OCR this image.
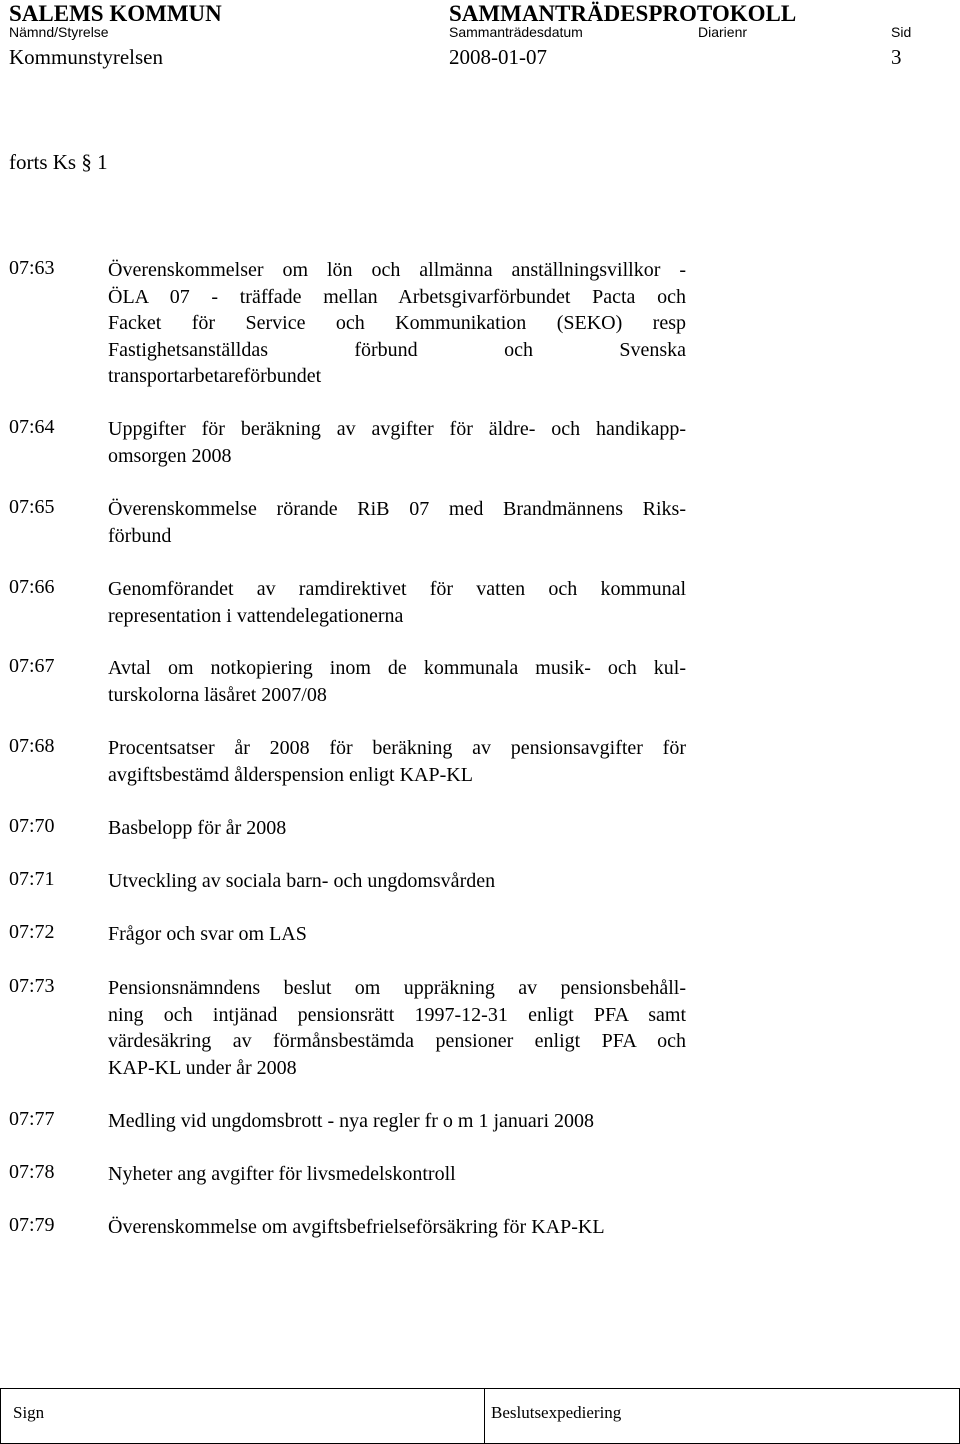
SALEMS KOMMUN	SAMMANTRÄDESPROTOKOLL
Nämnd/Styrelse	Sammanträdesdatum	Diarienr	Sid
Kommunstyrelsen	2008-01-07	3
forts Ks § 1
07:63	Överenskommelser om lön och allmänna anställningsvillkor -
ÖLA 07 - träffade mellan Arbetsgivarförbundet Pacta och
Facket för Service och Kommunikation (SEKO) resp
Fastighetsanställdas förbund och Svenska
transportarbetareförbundet
07:64	Uppgifter för beräkning av avgifter för äldre- och handikapp-
omsorgen 2008
07:65	Överenskommelse rörande RiB 07 med Brandmännens Riks-
förbund
07:66	Genomförandet av ramdirektivet för vatten och kommunal
representation i vattendelegationerna
07:67	Avtal om notkopiering inom de kommunala musik- och kul-
turskolorna läsåret 2007/08
07:68	Procentsatser år 2008 för beräkning av pensionsavgifter för
avgiftsbestämd ålderspension enligt KAP-KL
07:70	Basbelopp för år 2008
07:71	Utveckling av sociala barn- och ungdomsvården
07:72	Frågor och svar om LAS
07:73	Pensionsnämndens beslut om uppräkning av pensionsbehåll-
ning och intjänad pensionsrätt 1997-12-31 enligt PFA samt
värdesäkring av förmånsbestämda pensioner enligt PFA och
KAP-KL under år 2008
07:77	Medling vid ungdomsbrott - nya regler fr o m 1 januari 2008
07:78	Nyheter ang avgifter för livsmedelskontroll
07:79	Överenskommelse om avgiftsbefrielseförsäkring för KAP-KL
Sign	Beslutsexpediering
